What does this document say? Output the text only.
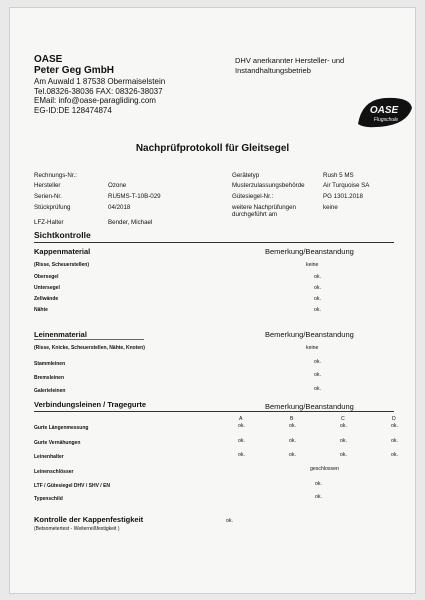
OASE
Peter Geg GmbH
Am Auwald 1 87538 Obermaiselstein
Tel.08326-38036 FAX: 08326-38037
EMail: info@oase-paragliding.com
EG-ID:DE 128474874
DHV anerkannter Hersteller- und
Instandhaltungsbetrieb
OASE
Flugschule
Nachprüfprotokoll für Gleitsegel
Rechnungs-Nr.:
Hersteller	Ozone
Serien-Nr.	RU5MS-T-10B-029
Stückprüfung	04/2018
LFZ-Halter	Bender, Michael
Gerätetyp	Rush 5 MS
Musterzulassungsbehörde	Air Turquoise SA
Gütesiegel-Nr.:	PG 1301.2018
weitere Nachprüfungen durchgeführt am
keine
Sichtkontrolle
Kappenmaterial	Bemerkung/Beanstandung
(Risse, Scheuerstellen)	keine
Obersegel	ok.
Untersegel	ok.
Zellwände	ok.
Nähte	ok.
Leinenmaterial	Bemerkung/Beanstandung
(Risse, Knicke, Scheuerstellen, Nähte, Knoten)	keine
Stammleinen	ok.
Bremsleinen	ok.
Galerieleinen	ok.
Verbindungsleinen / Tragegurte	Bemerkung/Beanstandung
A	B	C	D
Gurte Längenmessung	ok.	ok.	ok.	ok.
Gurte Vernähungen	ok.	ok.	ok.	ok.
Leinenhalter	ok.	ok.	ok.	ok.
Leinenschlösser	geschlossen
LTF / Gütesiegel DHV / SHV / EN	ok.
Typenschild	ok.
Kontrolle der Kappenfestigkeit
(Betsometertest - Weiterreißfestigkeit )
ok.
